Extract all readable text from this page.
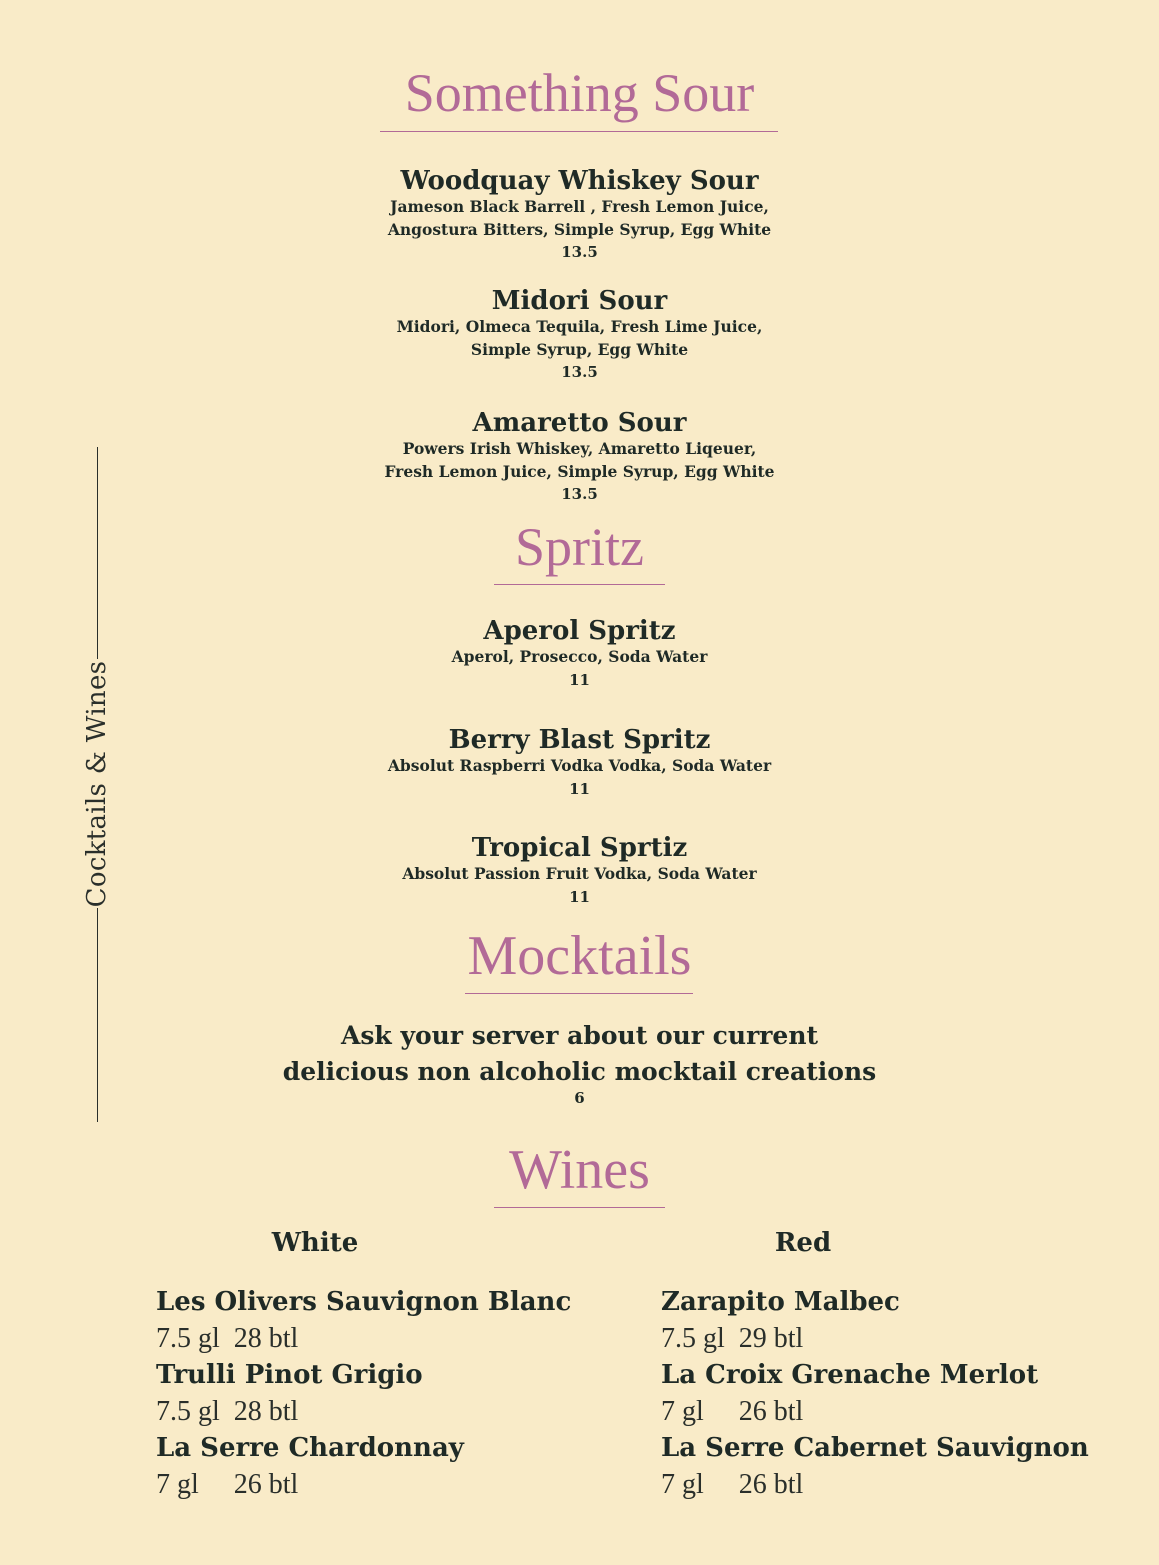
Cocktails & Wines
Something Sour
Woodquay Whiskey Sour
Jameson Black Barrell , Fresh Lemon Juice,
Angostura Bitters, Simple Syrup, Egg White
13.5
Midori Sour
Midori, Olmeca Tequila, Fresh Lime Juice,
Simple Syrup, Egg White
13.5
Amaretto Sour
Powers Irish Whiskey, Amaretto Liqeuer,
Fresh Lemon Juice, Simple Syrup, Egg White
13.5
Spritz
Aperol Spritz
Aperol, Prosecco, Soda Water
11
Berry Blast Spritz
Absolut Raspberri Vodka Vodka, Soda Water
11
Tropical Sprtiz
Absolut Passion Fruit Vodka, Soda Water
11
Mocktails
Ask your server about our current
delicious non alcoholic mocktail creations
6
Wines
White	Red
Les Olivers Sauvignon Blanc
7.5 gl  28 btl
Trulli Pinot Grigio
7.5 gl  28 btl
La Serre Chardonnay
7 gl     26 btl
Zarapito Malbec
7.5 gl  29 btl
La Croix Grenache Merlot
7 gl     26 btl
La Serre Cabernet Sauvignon
7 gl     26 btl
